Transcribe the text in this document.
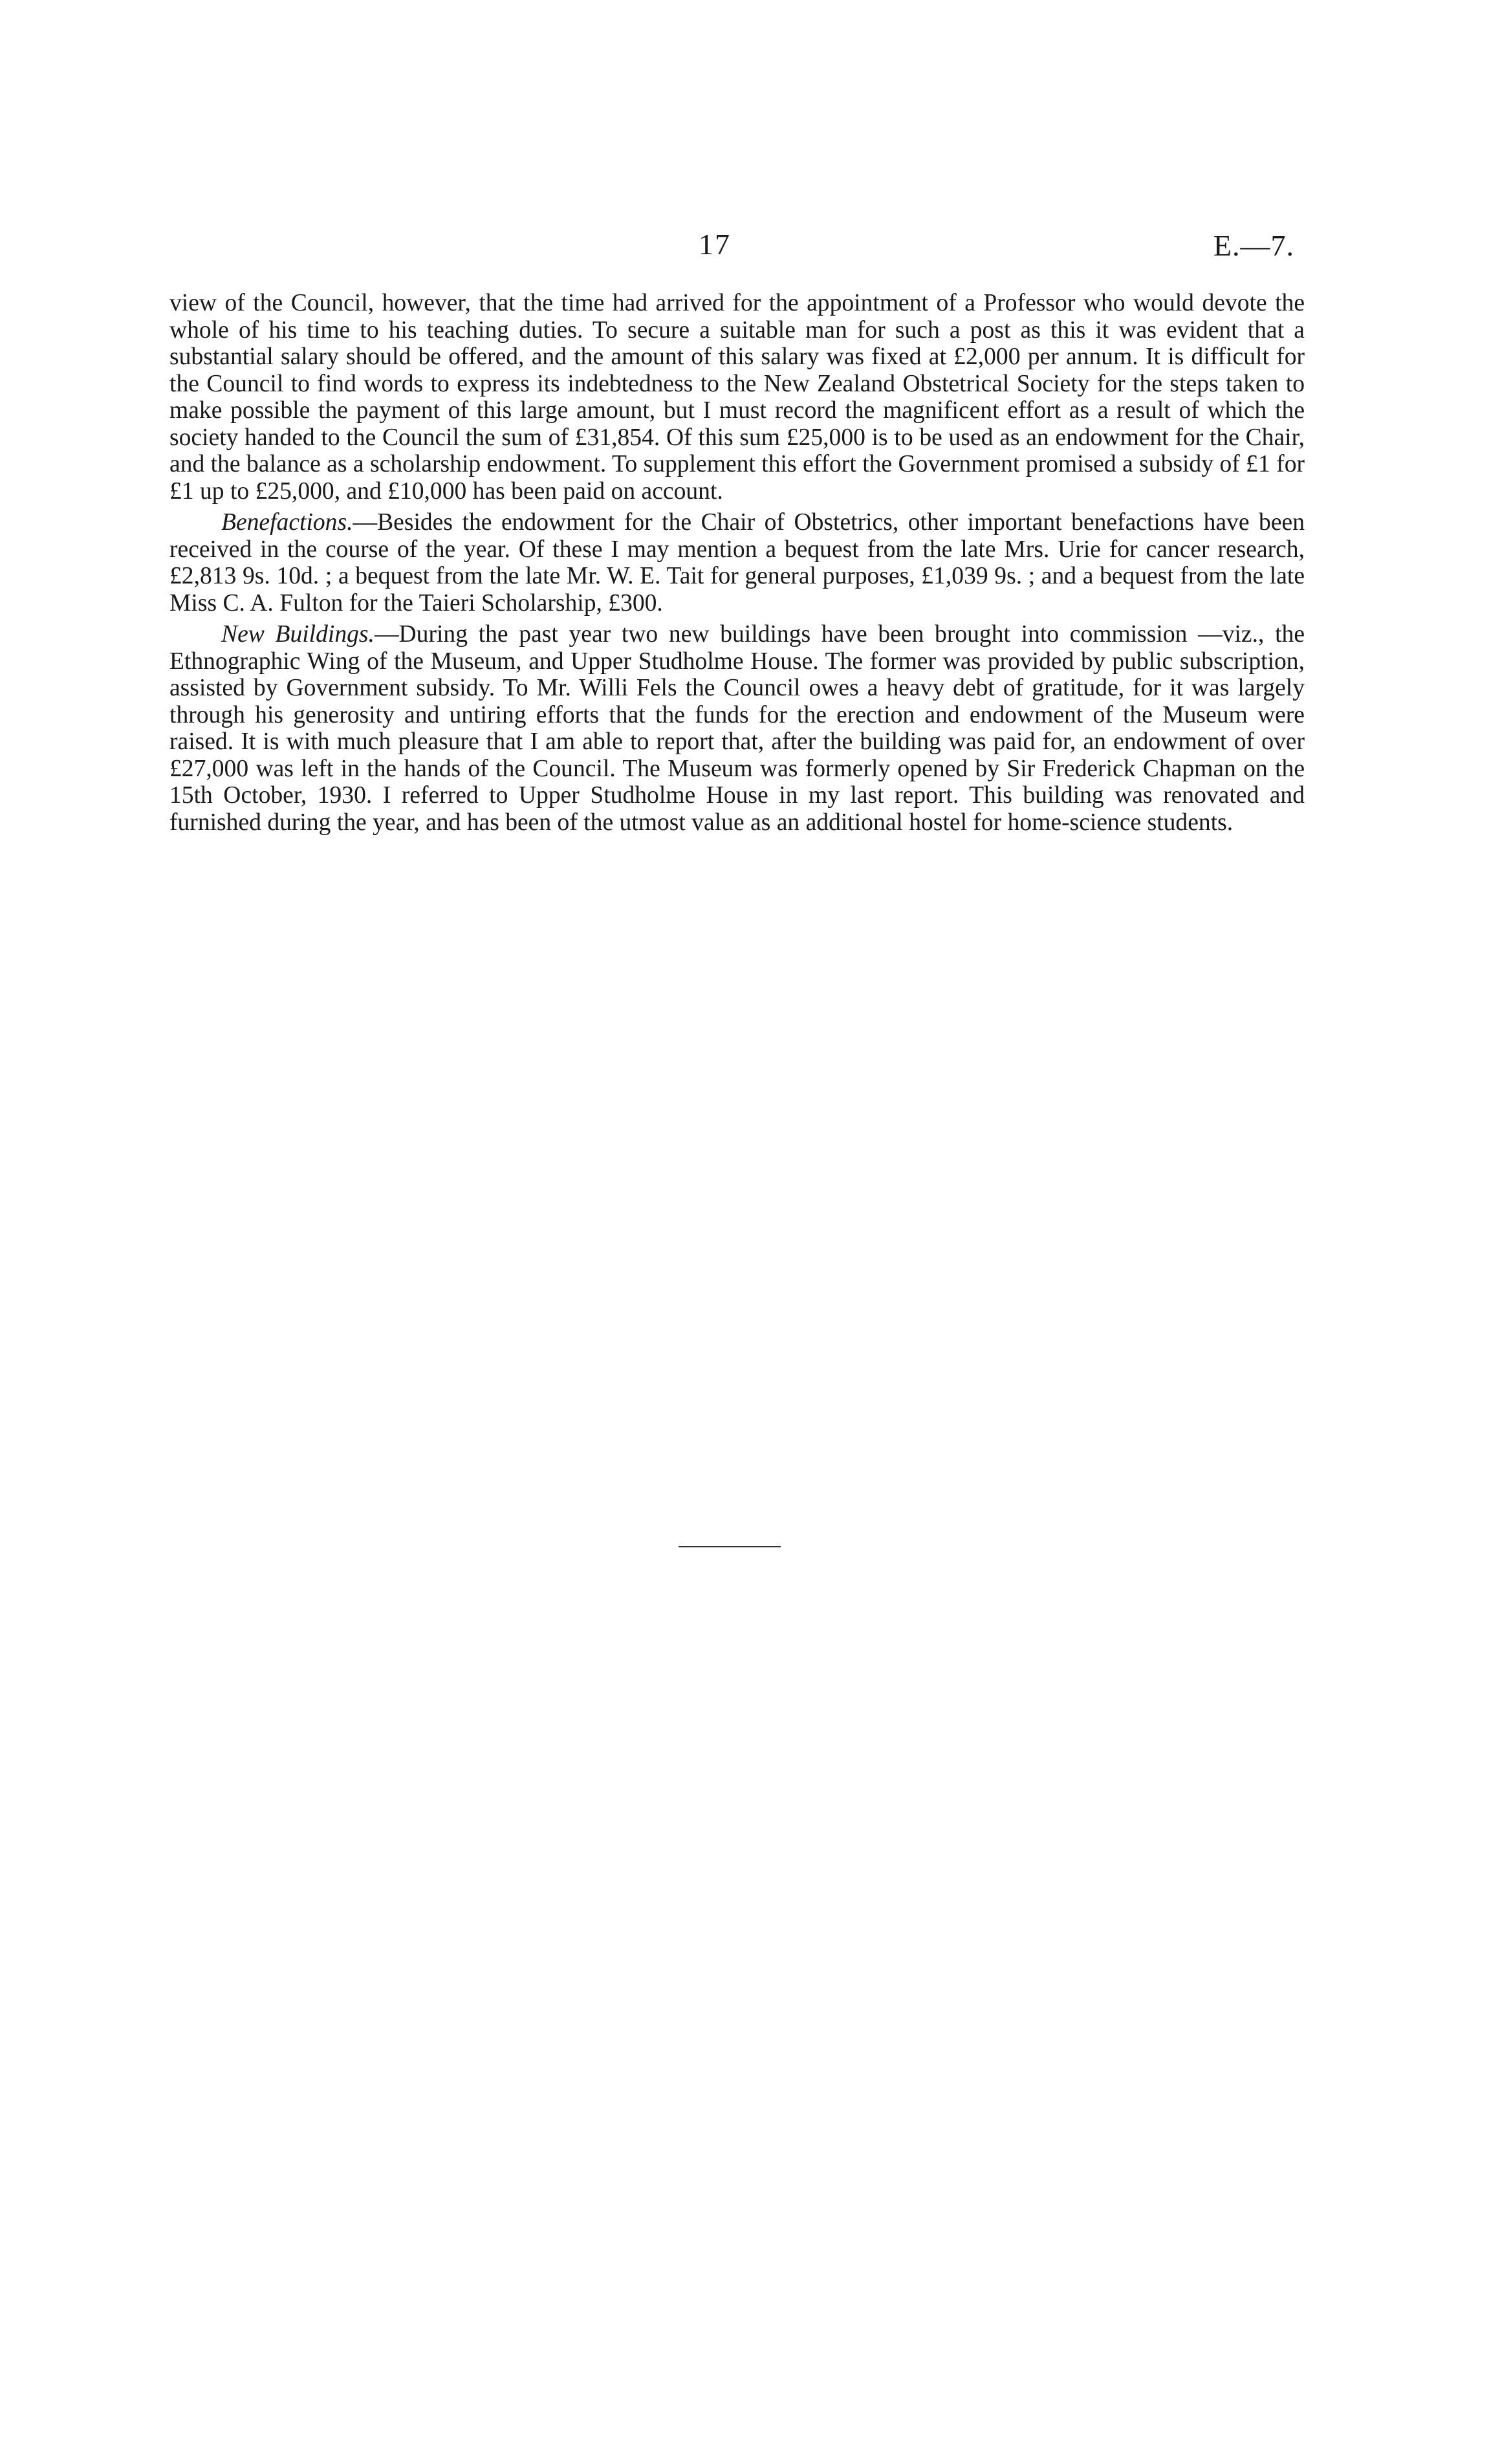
17	E.—7.

view of the Council, however, that the time had arrived for the appointment of a Professor who would devote the whole of his time to his teaching duties. To secure a suitable man for such a post as this it was evident that a substantial salary should be offered, and the amount of this salary was fixed at £2,000 per annum. It is difficult for the Council to find words to express its indebtedness to the New Zealand Obstetrical Society for the steps taken to make possible the payment of this large amount, but I must record the magnificent effort as a result of which the society handed to the Council the sum of £31,854. Of this sum £25,000 is to be used as an endowment for the Chair, and the balance as a scholarship endowment. To supplement this effort the Government promised a subsidy of £1 for £1 up to £25,000, and £10,000 has been paid on account.

Benefactions.—Besides the endowment for the Chair of Obstetrics, other important benefactions have been received in the course of the year. Of these I may mention a bequest from the late Mrs. Urie for cancer research, £2,813 9s. 10d. ; a bequest from the late Mr. W. E. Tait for general purposes, £1,039 9s. ; and a bequest from the late Miss C. A. Fulton for the Taieri Scholarship, £300.

New Buildings.—During the past year two new buildings have been brought into commission —viz., the Ethnographic Wing of the Museum, and Upper Studholme House. The former was provided by public subscription, assisted by Government subsidy. To Mr. Willi Fels the Council owes a heavy debt of gratitude, for it was largely through his generosity and untiring efforts that the funds for the erection and endowment of the Museum were raised. It is with much pleasure that I am able to report that, after the building was paid for, an endowment of over £27,000 was left in the hands of the Council. The Museum was formerly opened by Sir Frederick Chapman on the 15th October, 1930. I referred to Upper Studholme House in my last report. This building was renovated and furnished during the year, and has been of the utmost value as an additional hostel for home-science students.
